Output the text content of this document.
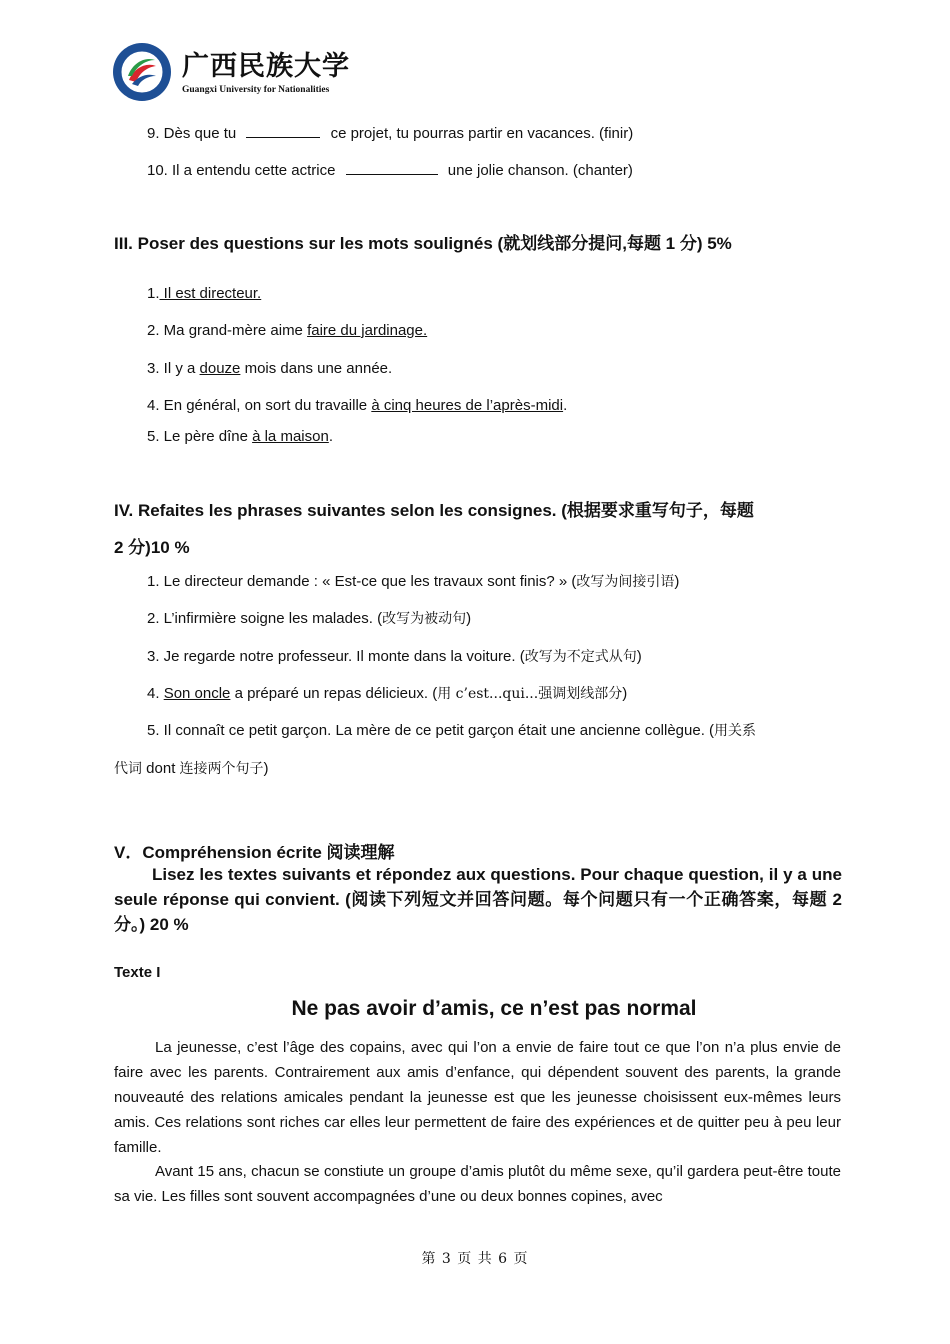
广西民族大学
Guangxi University for Nationalities
9. Dès que tu	ce projet, tu pourras partir en vacances. (finir)
10. Il a entendu cette actrice	une jolie chanson. (chanter)
III. Poser des questions sur les mots soulignés (就划线部分提问,每题 1 分) 5%
1. Il est directeur.
2. Ma grand-mère aime faire du jardinage.
3. Il y a douze mois dans une année.
4. En général, on sort du travaille à cinq heures de l’après-midi.
5. Le père dîne à la maison.
IV. Refaites les phrases suivantes selon les consignes. (根据要求重写句子，每题
2 分)10 %
1. Le directeur demande : « Est-ce que les travaux sont finis? » (改写为间接引语)
2. L’infirmière soigne les malades. (改写为被动句)
3. Je regarde notre professeur. Il monte dans la voiture. (改写为不定式从句)
4. Son oncle a préparé un repas délicieux. (用 c’est...qui...强调划线部分)
5. Il connaît ce petit garçon. La mère de ce petit garçon était une ancienne collègue. (用关系
代词 dont 连接两个句子)
V．Compréhension écrite 阅读理解
Lisez les textes suivants et répondez aux questions. Pour chaque question, il y a une seule réponse qui convient. (阅读下列短文并回答问题。每个问题只有一个正确答案，每题 2 分。) 20 %
Texte I
Ne pas avoir d’amis, ce n’est pas normal
La jeunesse, c’est l’âge des copains, avec qui l’on a envie de faire tout ce que l’on n’a plus envie de faire avec les parents. Contrairement aux amis d’enfance, qui dépendent souvent des parents, la grande nouveauté des relations amicales pendant la jeunesse est que les jeunesse choisissent eux-mêmes leurs amis. Ces relations sont riches car elles leur permettent de faire des expériences et de quitter peu à peu leur famille.
Avant 15 ans, chacun se constiute un groupe d’amis plutôt du même sexe, qu’il gardera peut-être toute sa vie. Les filles sont souvent accompagnées d’une ou deux bonnes copines, avec
第 3 页 共 6 页
